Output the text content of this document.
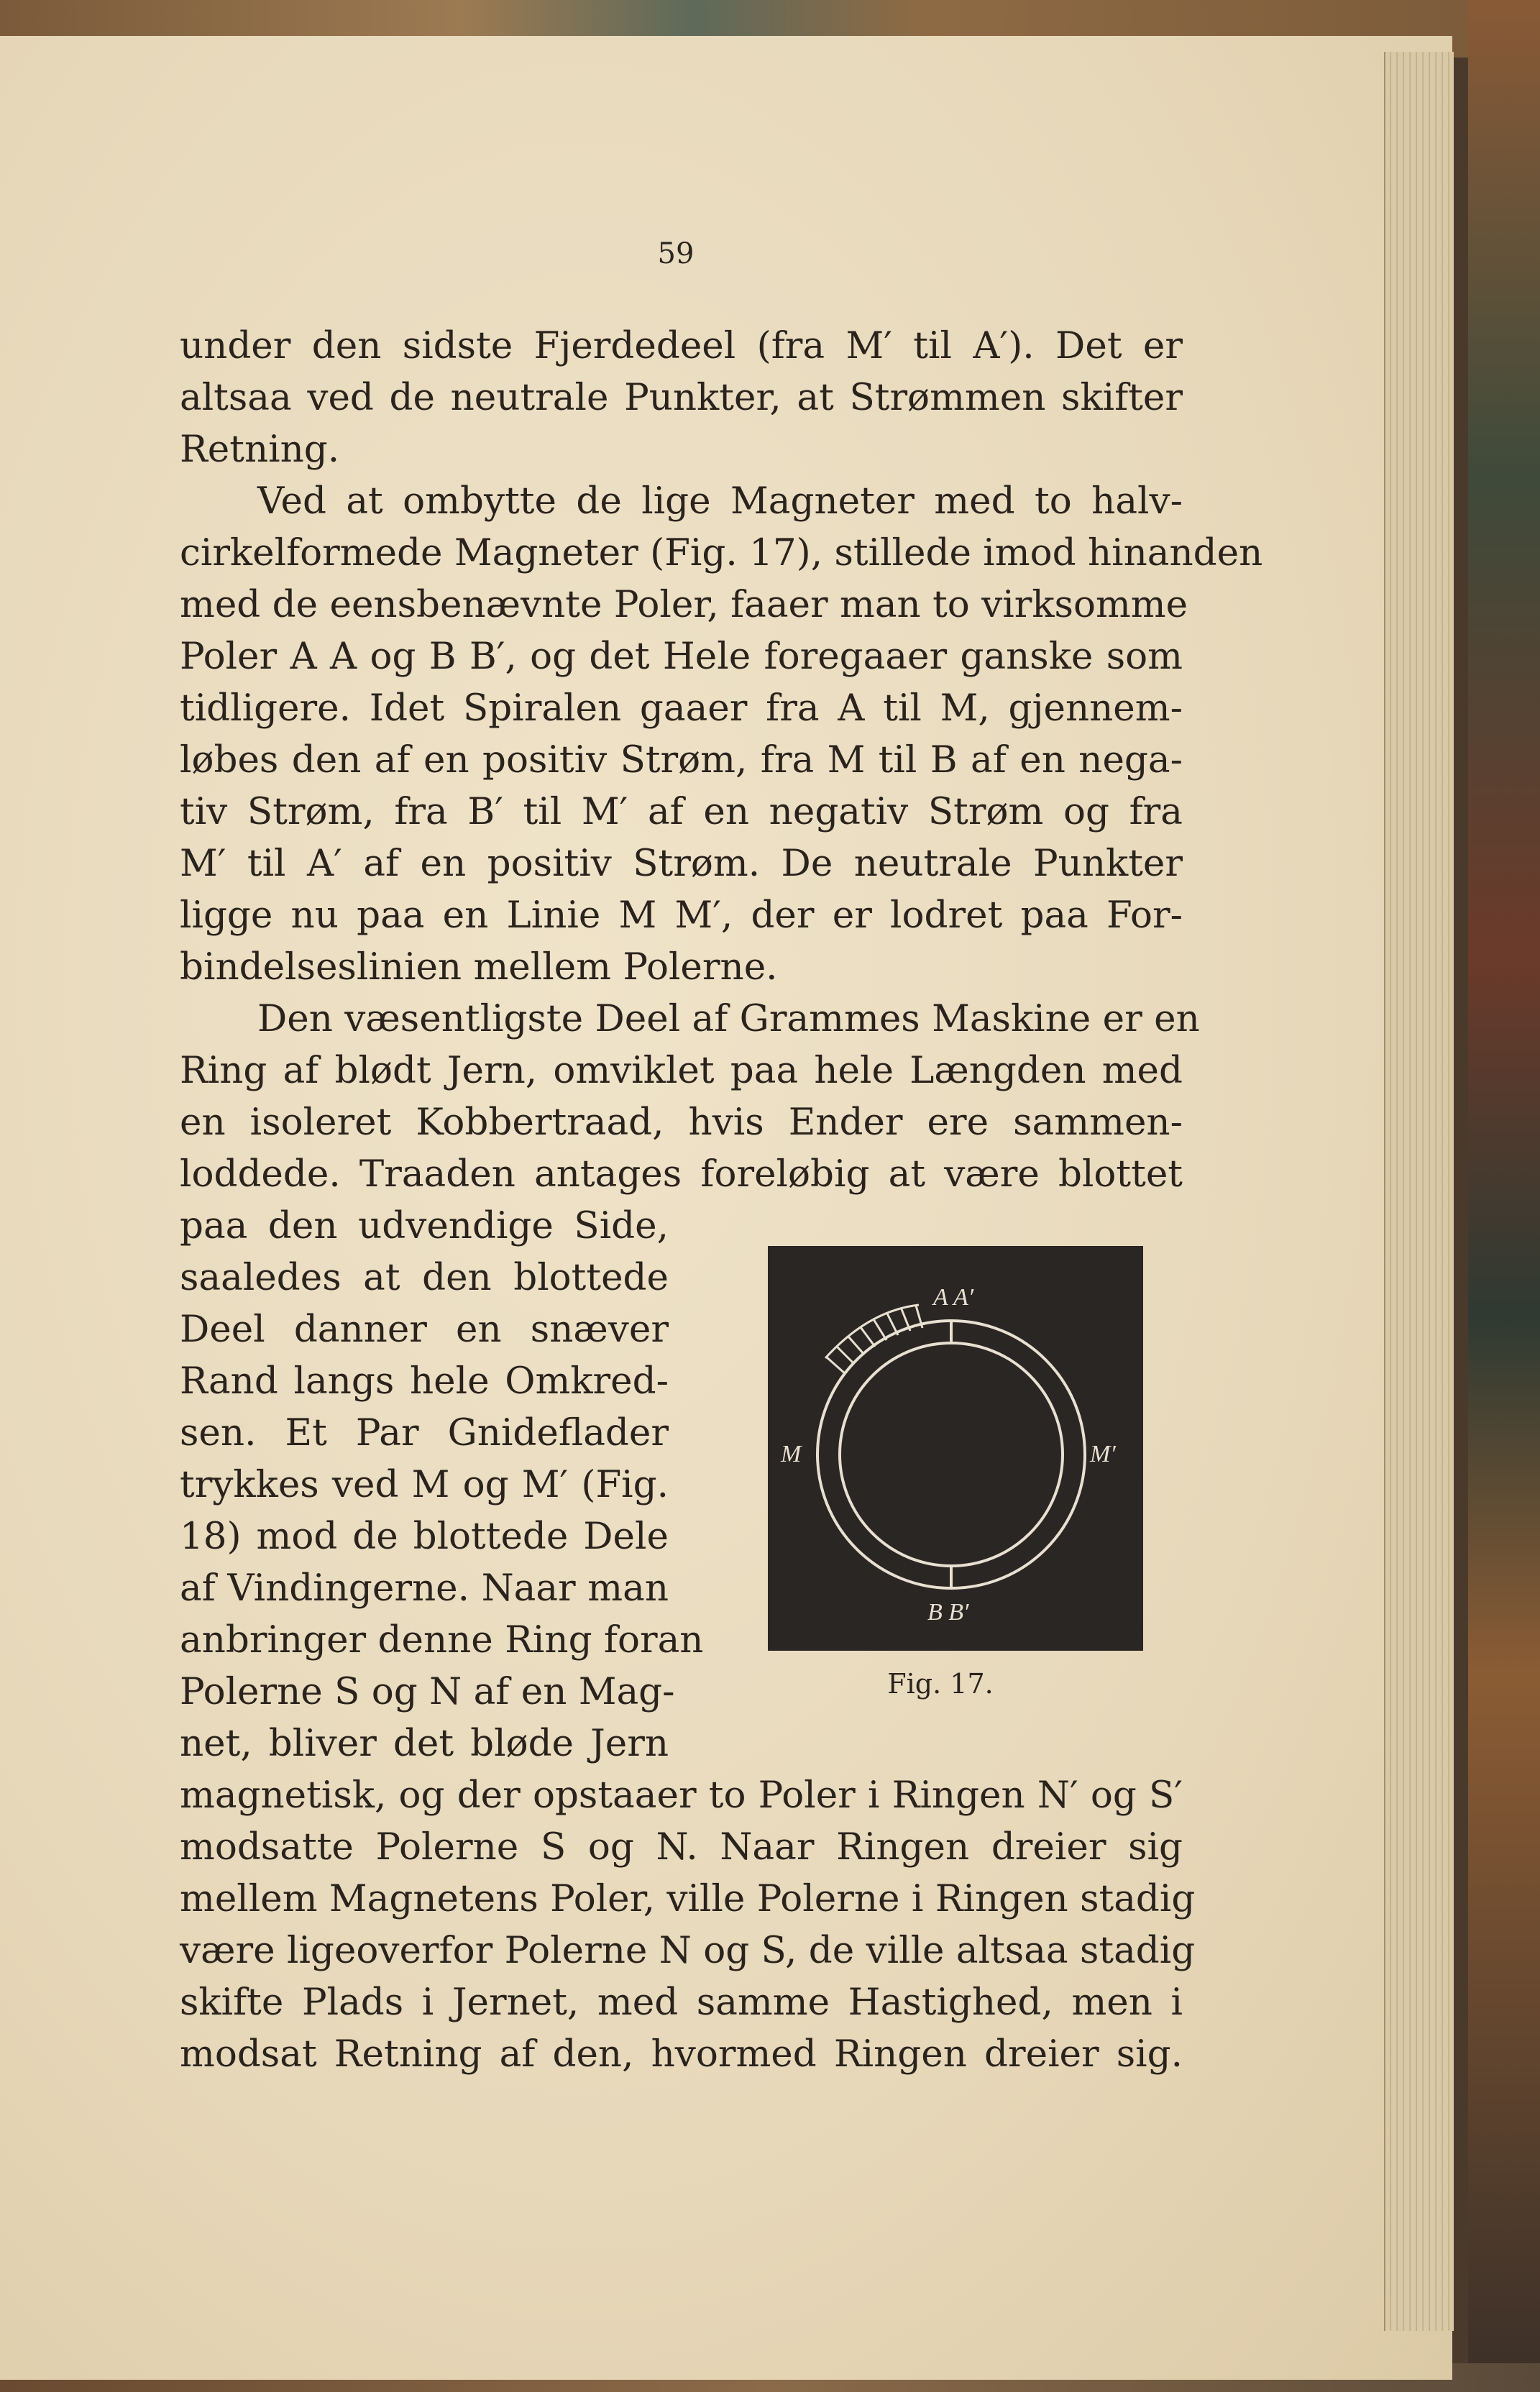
59
under den sidste Fjerdedeel (fra M′ til A′). Det er
altsaa ved de neutrale Punkter, at Strømmen skifter
Retning.
Ved at ombytte de lige Magneter med to halv-
cirkelformede Magneter (Fig. 17), stillede imod hinanden
med de eensbenævnte Poler, faaer man to virksomme
Poler A A og B B′, og det Hele foregaaer ganske som
tidligere. Idet Spiralen gaaer fra A til M, gjennem-
løbes den af en positiv Strøm, fra M til B af en nega-
tiv Strøm, fra B′ til M′ af en negativ Strøm og fra
M′ til A′ af en positiv Strøm. De neutrale Punkter
ligge nu paa en Linie M M′, der er lodret paa For-
bindelseslinien mellem Polerne.
Den væsentligste Deel af Grammes Maskine er en
Ring af blødt Jern, omviklet paa hele Længden med
en isoleret Kobbertraad, hvis Ender ere sammen-
loddede. Traaden antages foreløbig at være blottet
paa den udvendige Side,
saaledes at den blottede
Deel danner en snæver
Rand langs hele Omkred-
sen. Et Par Gnideflader
trykkes ved M og M′ (Fig.
18) mod de blottede Dele
af Vindingerne. Naar man
anbringer denne Ring foran
Polerne S og N af en Mag-
net, bliver det bløde Jern
magnetisk, og der opstaaer to Poler i Ringen N′ og S′
modsatte Polerne S og N. Naar Ringen dreier sig
mellem Magnetens Poler, ville Polerne i Ringen stadig
være ligeoverfor Polerne N og S, de ville altsaa stadig
skifte Plads i Jernet, med samme Hastighed, men i
modsat Retning af den, hvormed Ringen dreier sig.
A A′
M	M′
B B′
Fig. 17.
